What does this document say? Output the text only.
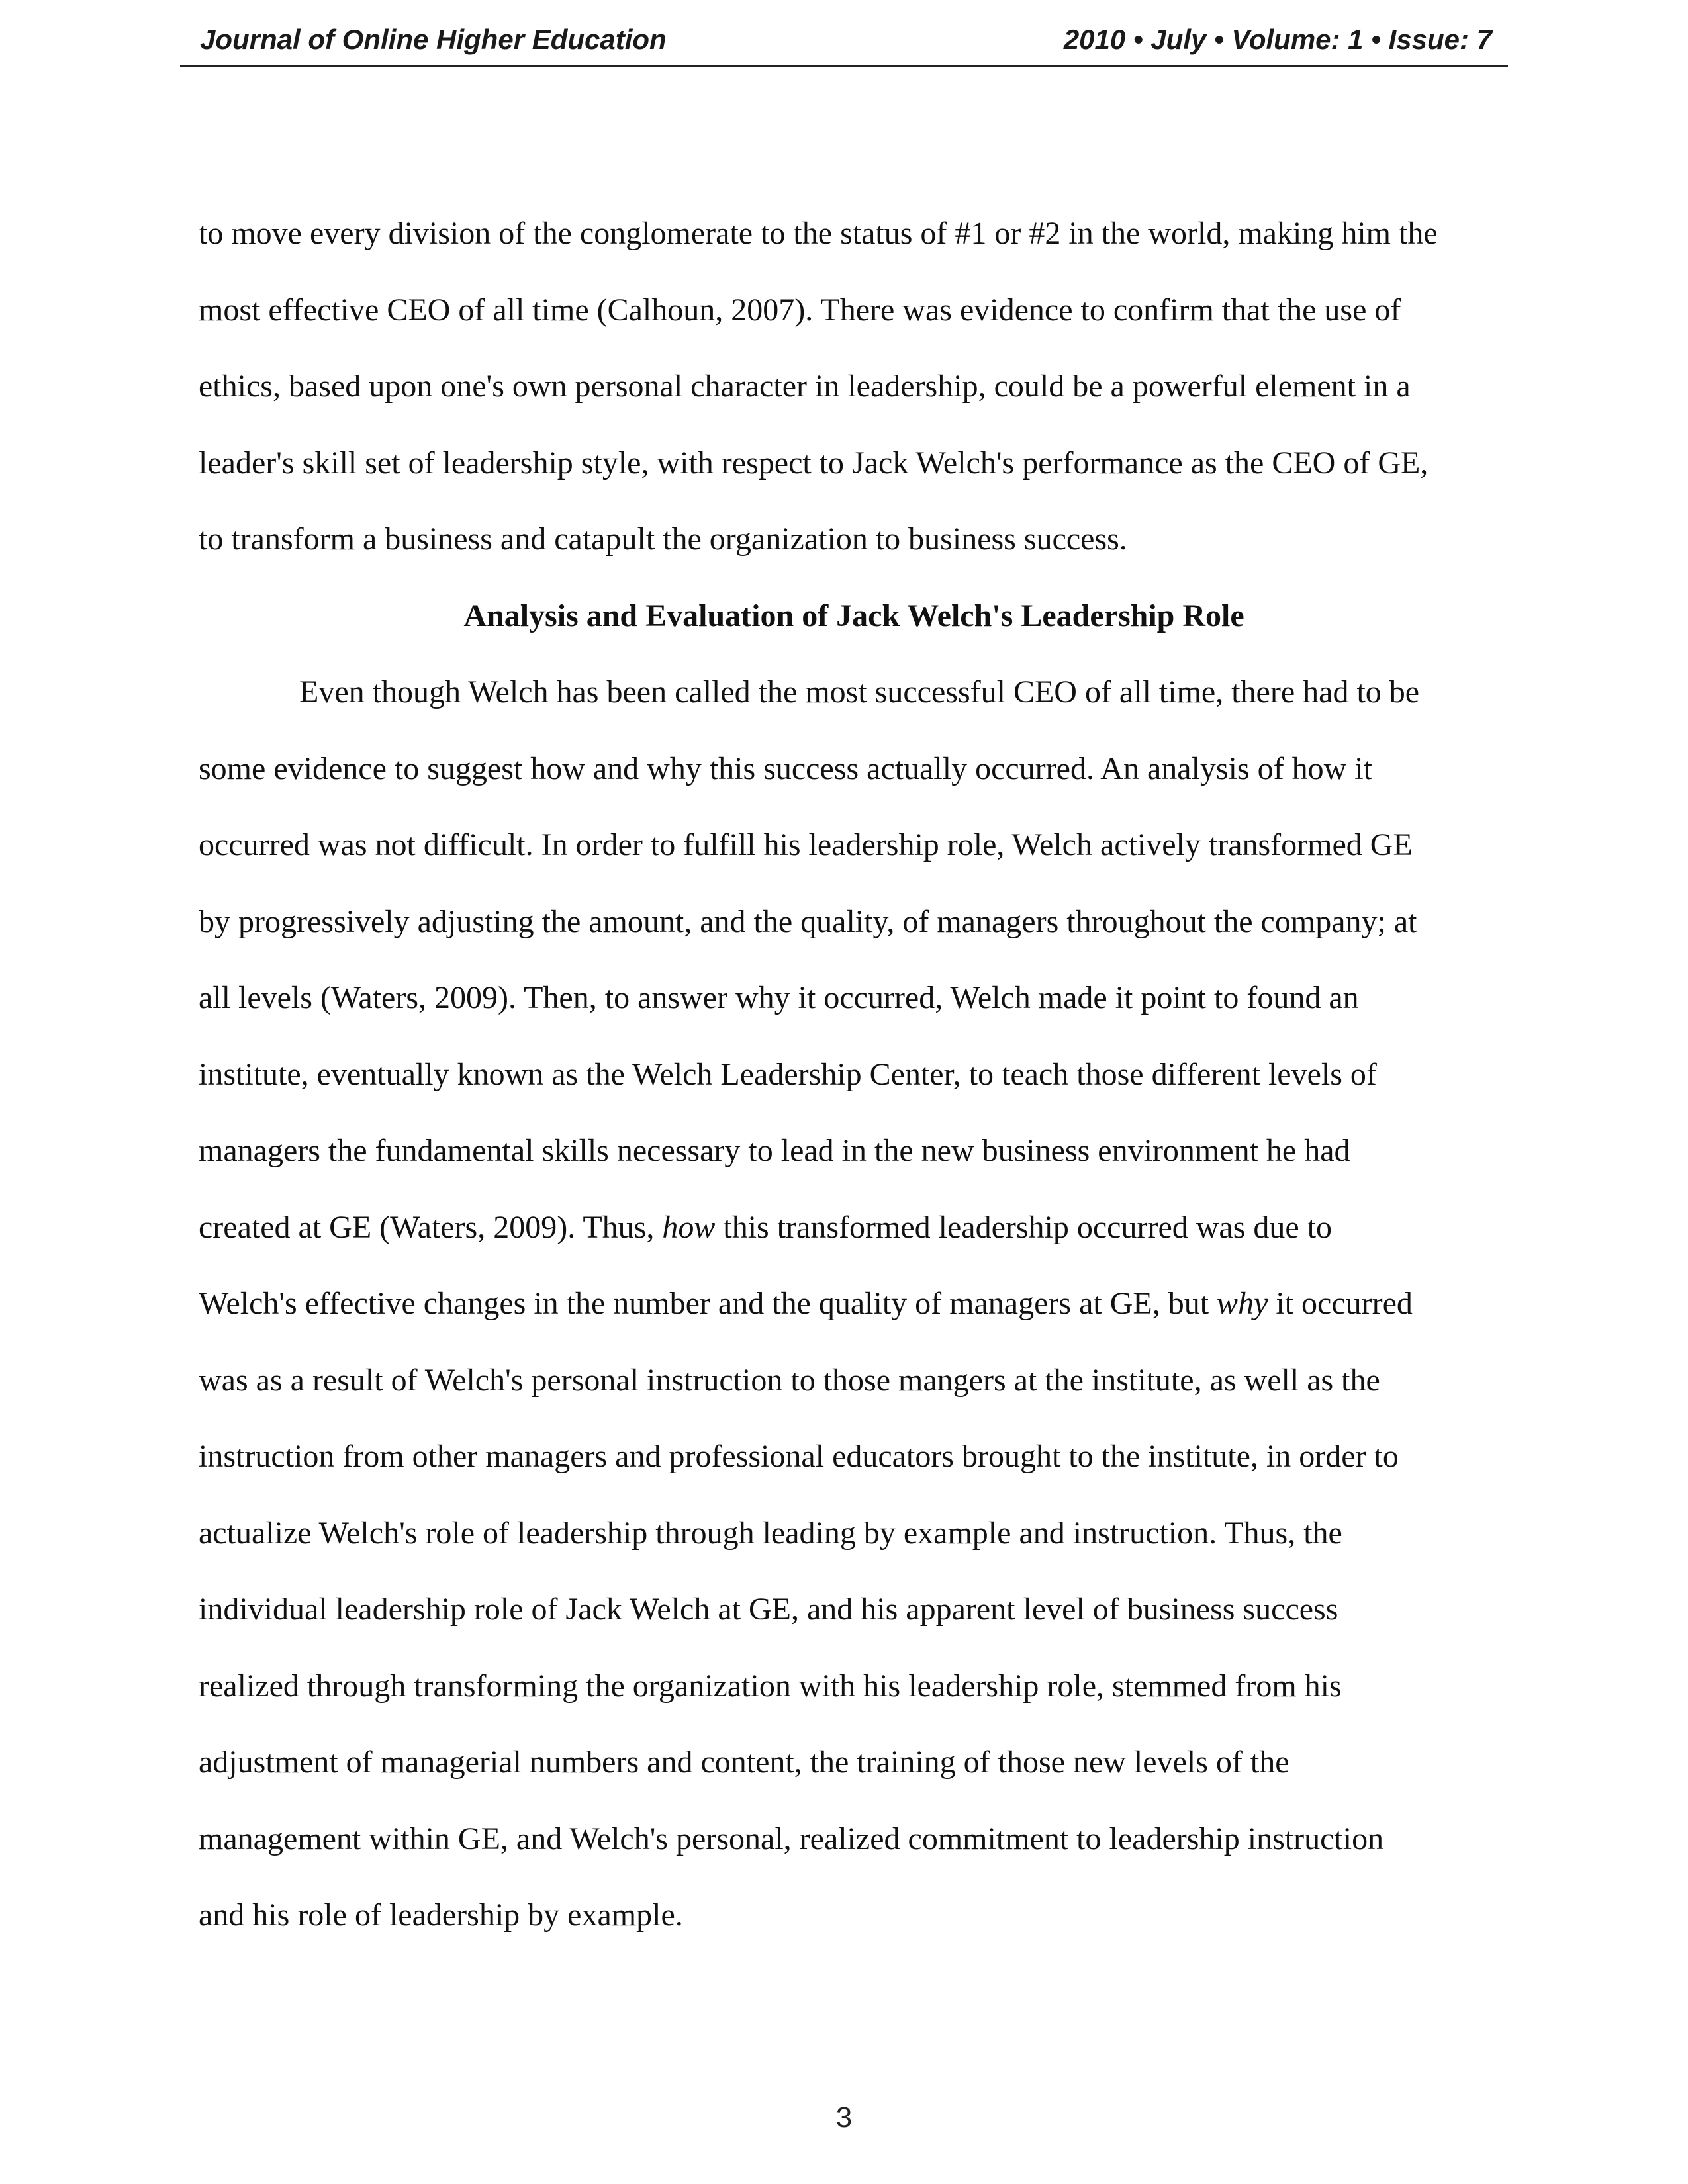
Journal of Online Higher Education	2010 • July • Volume: 1 • Issue: 7
to move every division of the conglomerate to the status of #1 or #2 in the world, making him the
most effective CEO of all time (Calhoun, 2007). There was evidence to confirm that the use of
ethics, based upon one's own personal character in leadership, could be a powerful element in a
leader's skill set of leadership style, with respect to Jack Welch's performance as the CEO of GE,
to transform a business and catapult the organization to business success.
Analysis and Evaluation of Jack Welch's Leadership Role
Even though Welch has been called the most successful CEO of all time, there had to be
some evidence to suggest how and why this success actually occurred. An analysis of how it
occurred was not difficult. In order to fulfill his leadership role, Welch actively transformed GE
by progressively adjusting the amount, and the quality, of managers throughout the company; at
all levels (Waters, 2009). Then, to answer why it occurred, Welch made it point to found an
institute, eventually known as the Welch Leadership Center, to teach those different levels of
managers the fundamental skills necessary to lead in the new business environment he had
created at GE (Waters, 2009). Thus, how this transformed leadership occurred was due to
Welch's effective changes in the number and the quality of managers at GE, but why it occurred
was as a result of Welch's personal instruction to those mangers at the institute, as well as the
instruction from other managers and professional educators brought to the institute, in order to
actualize Welch's role of leadership through leading by example and instruction. Thus, the
individual leadership role of Jack Welch at GE, and his apparent level of business success
realized through transforming the organization with his leadership role, stemmed from his
adjustment of managerial numbers and content, the training of those new levels of the
management within GE, and Welch's personal, realized commitment to leadership instruction
and his role of leadership by example.
3
